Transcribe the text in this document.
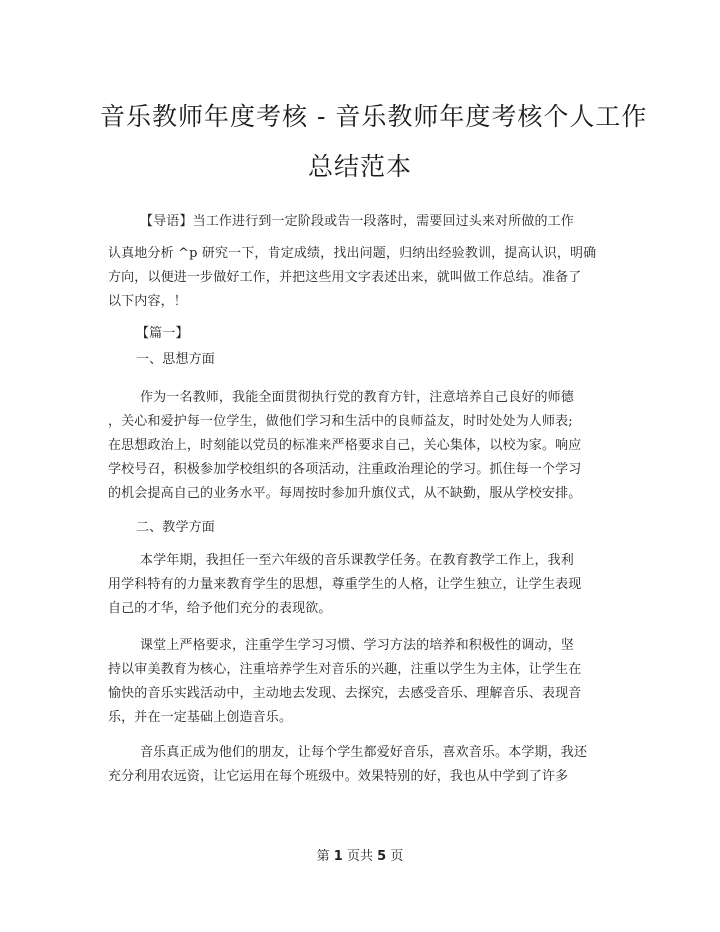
音乐教师年度考核 - 音乐教师年度考核个人工作
总结范本
【导语】当工作进行到一定阶段或告一段落时，需要回过头来对所做的工作
认真地分析 ^p 研究一下，肯定成绩，找出问题，归纳出经验教训，提高认识，明确
方向，以便进一步做好工作，并把这些用文字表述出来，就叫做工作总结。准备了
以下内容，！
【篇一】
一、思想方面
作为一名教师，我能全面贯彻执行党的教育方针，注意培养自己良好的师德
，关心和爱护每一位学生，做他们学习和生活中的良师益友，时时处处为人师表;
在思想政治上，时刻能以党员的标准来严格要求自己，关心集体，以校为家。响应
学校号召，积极参加学校组织的各项活动，注重政治理论的学习。抓住每一个学习
的机会提高自己的业务水平。每周按时参加升旗仪式，从不缺勤，服从学校安排。
二、教学方面
本学年期，我担任一至六年级的音乐课教学任务。在教育教学工作上，我利
用学科特有的力量来教育学生的思想，尊重学生的人格，让学生独立，让学生表现
自己的才华，给予他们充分的表现欲。
课堂上严格要求，注重学生学习习惯、学习方法的培养和积极性的调动，坚
持以审美教育为核心，注重培养学生对音乐的兴趣，注重以学生为主体，让学生在
愉快的音乐实践活动中，主动地去发现、去探究，去感受音乐、理解音乐、表现音
乐，并在一定基础上创造音乐。
音乐真正成为他们的朋友，让每个学生都爱好音乐，喜欢音乐。本学期，我还
充分利用农远资，让它运用在每个班级中。效果特别的好，我也从中学到了许多
第 1 页共 5 页
